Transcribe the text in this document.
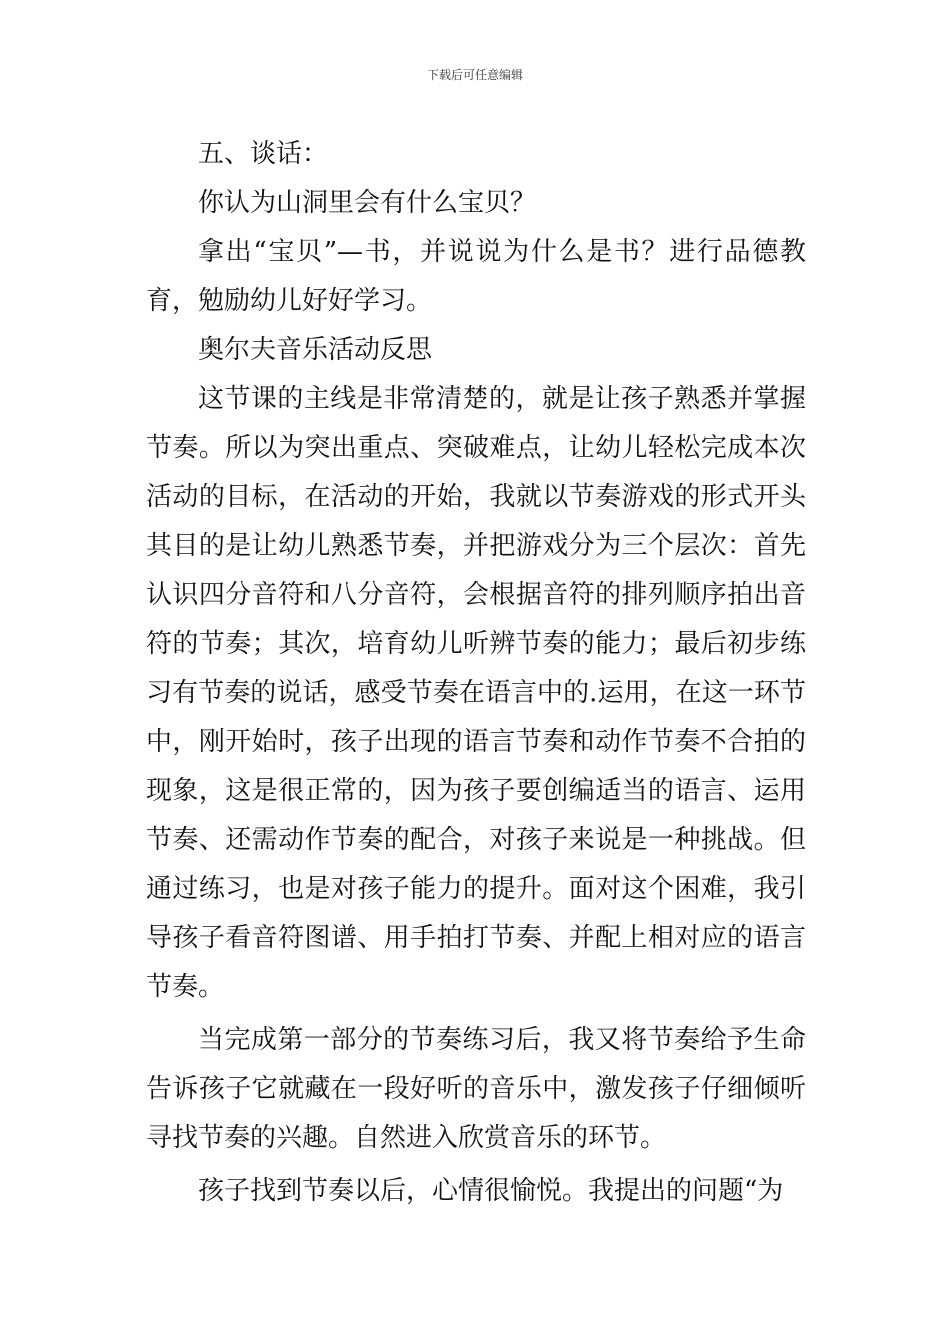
下载后可任意编辑

五、谈话：

你认为山洞里会有什么宝贝？

拿出“宝贝”—书，并说说为什么是书？进行品德教育，勉励幼儿好好学习。

奥尔夫音乐活动反思

这节课的主线是非常清楚的，就是让孩子熟悉并掌握节奏。所以为突出重点、突破难点，让幼儿轻松完成本次活动的目标，在活动的开始，我就以节奏游戏的形式开头其目的是让幼儿熟悉节奏，并把游戏分为三个层次：首先认识四分音符和八分音符，会根据音符的排列顺序拍出音符的节奏；其次，培育幼儿听辨节奏的能力；最后初步练习有节奏的说话，感受节奏在语言中的.运用，在这一环节中，刚开始时，孩子出现的语言节奏和动作节奏不合拍的现象，这是很正常的，因为孩子要创编适当的语言、运用节奏、还需动作节奏的配合，对孩子来说是一种挑战。但通过练习，也是对孩子能力的提升。面对这个困难，我引导孩子看音符图谱、用手拍打节奏、并配上相对应的语言节奏。

当完成第一部分的节奏练习后，我又将节奏给予生命告诉孩子它就藏在一段好听的音乐中，激发孩子仔细倾听寻找节奏的兴趣。自然进入欣赏音乐的环节。

孩子找到节奏以后，心情很愉悦。我提出的问题“为
